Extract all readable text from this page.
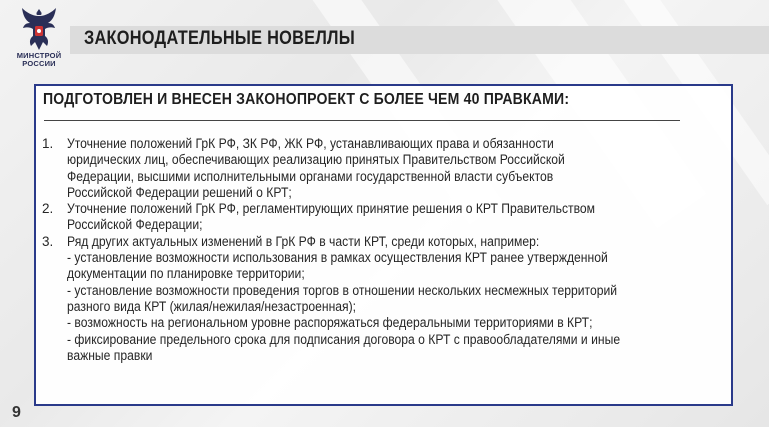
МИНСТРОЙ
РОССИИ
ЗАКОНОДАТЕЛЬНЫЕ НОВЕЛЛЫ
ПОДГОТОВЛЕН И ВНЕСЕН ЗАКОНОПРОЕКТ С БОЛЕЕ ЧЕМ 40 ПРАВКАМИ:
1. Уточнение положений ГрК РФ, ЗК РФ, ЖК РФ, устанавливающих права и обязанности
юридических лиц, обеспечивающих реализацию принятых Правительством Российской
Федерации, высшими исполнительными органами государственной власти субъектов
Российской Федерации решений о КРТ;
2. Уточнение положений ГрК РФ, регламентирующих принятие решения о КРТ Правительством
Российской Федерации;
3. Ряд других актуальных изменений в ГрК РФ в части КРТ, среди которых, например:
- установление возможности использования в рамках осуществления КРТ ранее утвержденной
документации по планировке территории;
- установление возможности проведения торгов в отношении нескольких несмежных территорий
разного вида КРТ (жилая/нежилая/незастроенная);
- возможность на региональном уровне распоряжаться федеральными территориями в КРТ;
- фиксирование предельного срока для подписания договора о КРТ с правообладателями и иные
важные правки
9
